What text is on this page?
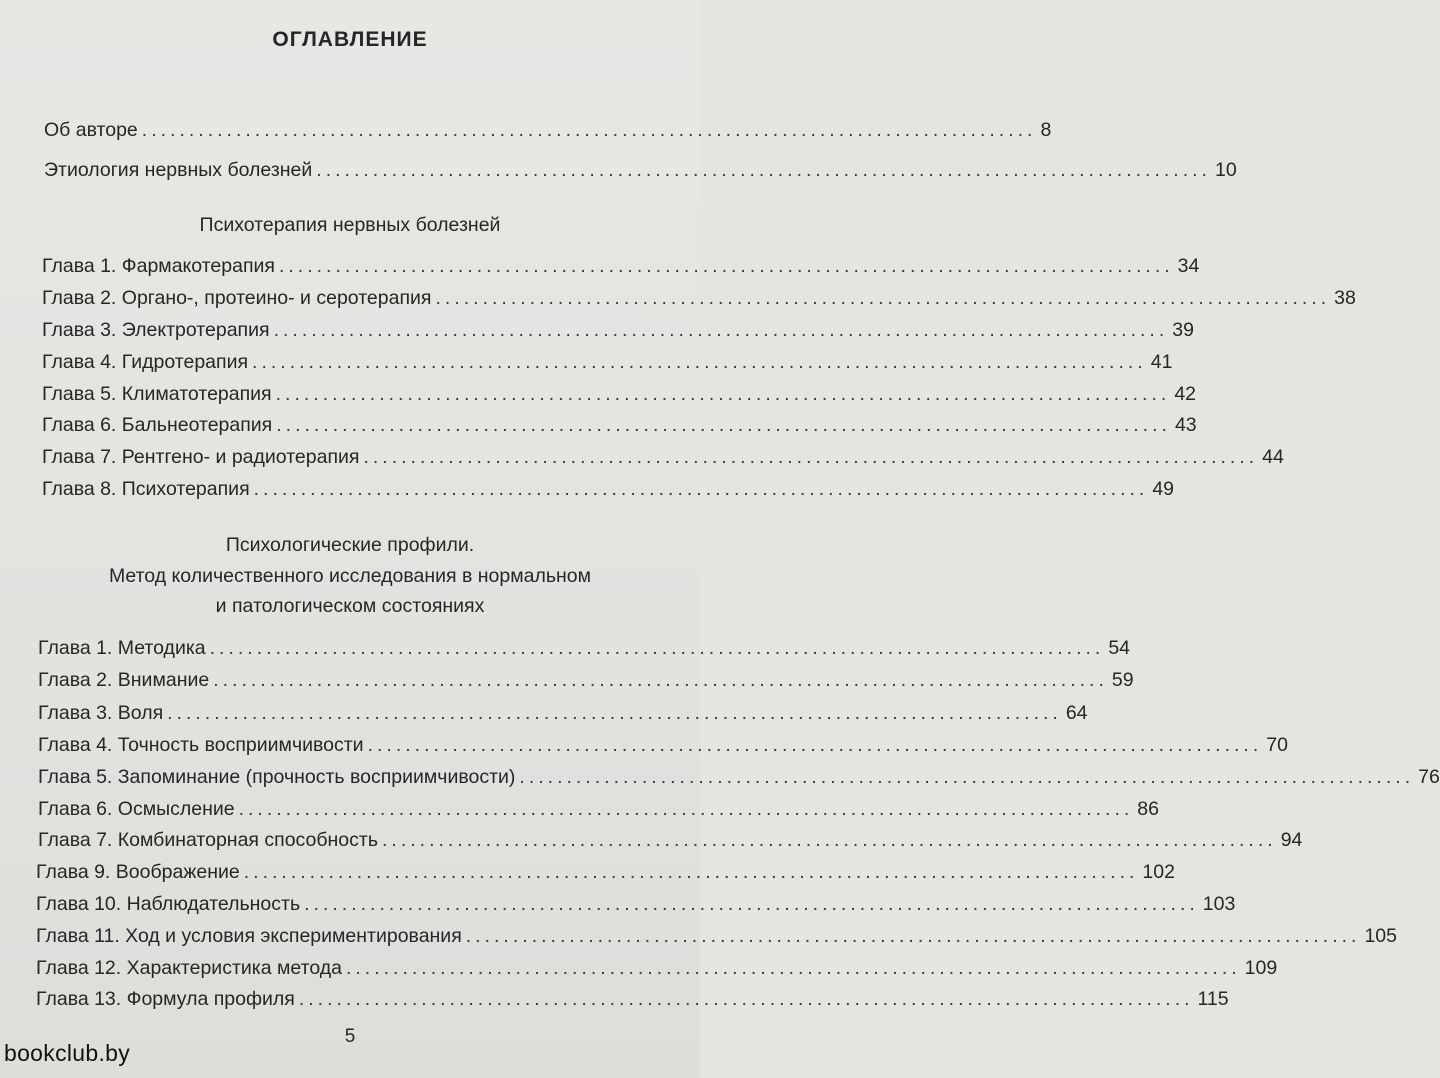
ОГЛАВЛЕНИЕ
Об авторе ............................................................................................... 8
Этиология нервных болезней ............................................................................................... 10
Психотерапия нервных болезней
Глава 1. Фармакотерапия ............................................................................................... 34
Глава 2. Органо-, протеино- и серотерапия ............................................................................................... 38
Глава 3. Электротерапия ............................................................................................... 39
Глава 4. Гидротерапия ............................................................................................... 41
Глава 5. Климатотерапия ............................................................................................... 42
Глава 6. Бальнеотерапия ............................................................................................... 43
Глава 7. Рентгено- и радиотерапия ............................................................................................... 44
Глава 8. Психотерапия ............................................................................................... 49
Психологические профили.
Метод количественного исследования в нормальном
и патологическом состояниях
Глава 1. Методика ............................................................................................... 54
Глава 2. Внимание ............................................................................................... 59
Глава 3. Воля ............................................................................................... 64
Глава 4. Точность восприимчивости ............................................................................................... 70
Глава 5. Запоминание (прочность восприимчивости) ............................................................................................... 76
Глава 6. Осмысление ............................................................................................... 86
Глава 7. Комбинаторная способность ............................................................................................... 94
Глава 9. Воображение ............................................................................................... 102
Глава 10. Наблюдательность ............................................................................................... 103
Глава 11. Ход и условия экспериментирования ............................................................................................... 105
Глава 12. Характеристика метода ............................................................................................... 109
Глава 13. Формула профиля ............................................................................................... 115
5
bookclub.by
